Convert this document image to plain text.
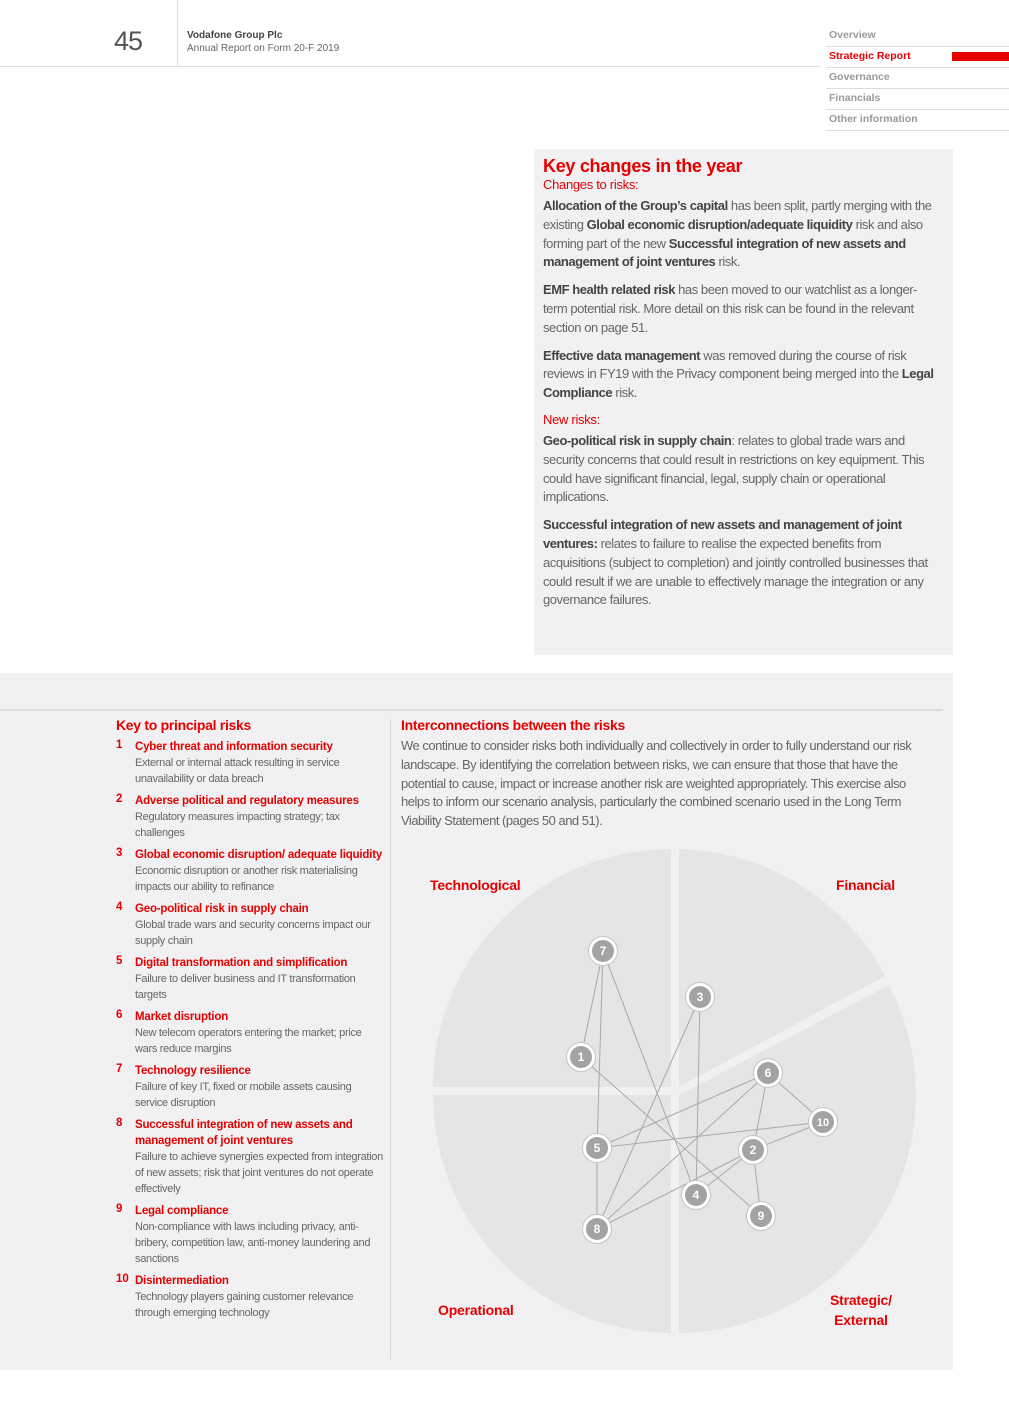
45	Vodafone Group Plc
Annual Report on Form 20-F 2019
Overview
Strategic Report
Governance
Financials
Other information
Key changes in the year
Changes to risks:

Allocation of the Group’s capital has been split, partly merging with the existing Global economic disruption/adequate liquidity risk and also forming part of the new Successful integration of new assets and management of joint ventures risk.

EMF health related risk has been moved to our watchlist as a longer- term potential risk. More detail on this risk can be found in the relevant section on page 51.

Effective data management was removed during the course of risk reviews in FY19 with the Privacy component being merged into the Legal Compliance risk.

New risks:

Geo-political risk in supply chain: relates to global trade wars and security concerns that could result in restrictions on key equipment. This could have significant financial, legal, supply chain or operational implications.

Successful integration of new assets and management of joint ventures: relates to failure to realise the expected benefits from acquisitions (subject to completion) and jointly controlled businesses that could result if we are unable to effectively manage the integration or any governance failures.

Key to principal risks
1 Cyber threat and information security
External or internal attack resulting in service unavailability or data breach
2 Adverse political and regulatory measures
Regulatory measures impacting strategy; tax challenges
3 Global economic disruption/ adequate liquidity
Economic disruption or another risk materialising impacts our ability to refinance
4 Geo-political risk in supply chain
Global trade wars and security concerns impact our supply chain
5 Digital transformation and simplification
Failure to deliver business and IT transformation targets
6 Market disruption
New telecom operators entering the market; price wars reduce margins
7 Technology resilience
Failure of key IT, fixed or mobile assets causing service disruption
8 Successful integration of new assets and management of joint ventures
Failure to achieve synergies expected from integration of new assets; risk that joint ventures do not operate effectively
9 Legal compliance
Non-compliance with laws including privacy, anti-bribery, competition law, anti-money laundering and sanctions
10 Disintermediation
Technology players gaining customer relevance through emerging technology
Interconnections between the risks

We continue to consider risks both individually and collectively in order to fully understand our risk landscape. By identifying the correlation between risks, we can ensure that those that have the potential to cause, impact or increase another risk are weighted appropriately. This exercise also helps to inform our scenario analysis, particularly the combined scenario used in the Long Term Viability Statement (pages 50 and 51).

1
2
3
4
5
6
7
8
9
10
Technological	Financial
Operational
Strategic/
External
